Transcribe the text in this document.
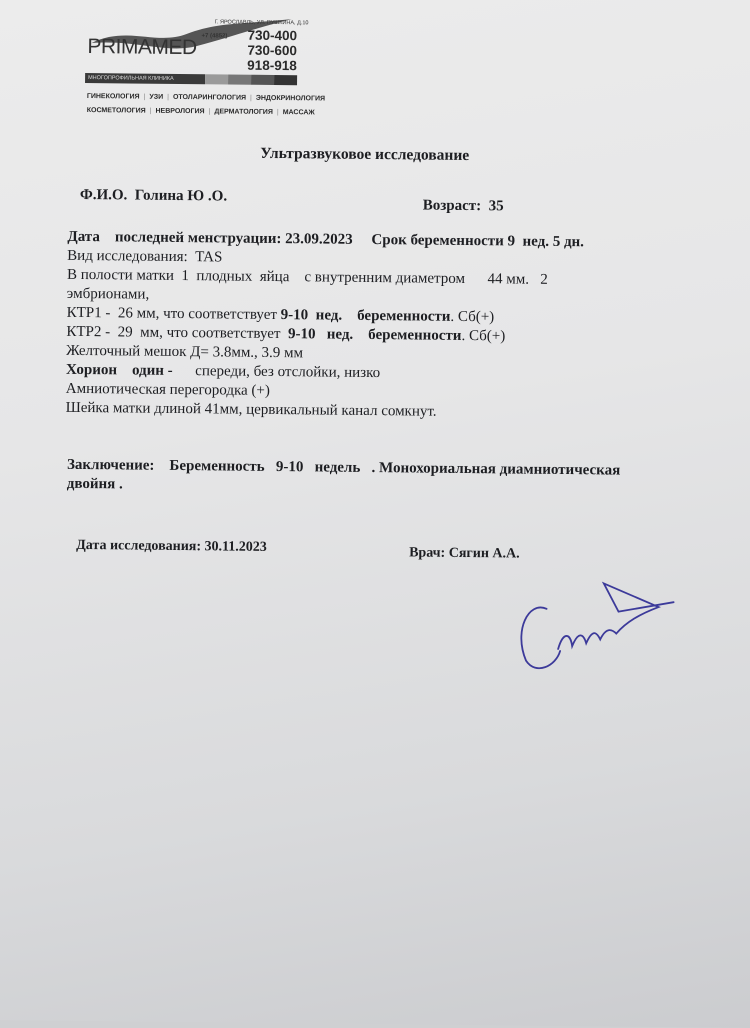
PRIMAMED
Г. ЯРОСЛАВЛЬ, УЛ. ПУШКИНА, Д.10
+7 (4852) 730-400
730-600
918-918
МНОГОПРОФИЛЬНАЯ КЛИНИКА
ГИНЕКОЛОГИЯ | УЗИ | ОТОЛАРИНГОЛОГИЯ | ЭНДОКРИНОЛОГИЯ
КОСМЕТОЛОГИЯ | НЕВРОЛОГИЯ | ДЕРМАТОЛОГИЯ | МАССАЖ
Ультразвуковое исследование
Ф.И.О. Голина Ю .О.
Возраст: 35
Дата    последней менструации: 23.09.2023 Срок беременности 9  нед. 5 дн.
Вид исследования:  TAS
В полости матки  1  плодных  яйца    с внутренним диаметром      44 мм.   2
эмбрионами,
КТР1 -  26 мм, что соответствует 9-10  нед.    беременности. Сб(+)
КТР2 -  29  мм, что соответствует  9-10   нед.    беременности. Сб(+)
Желточный мешок Д= 3.8мм., 3.9 мм
Хорион    один -      спереди, без отслойки, низко
Амниотическая перегородка (+)
Шейка матки длиной 41мм, цервикальный канал сомкнут.
Заключение:    Беременность   9-10   недель   . Монохориальная диамниотическая
двойня .
Дата исследования: 30.11.2023	Врач: Сягин А.А.
